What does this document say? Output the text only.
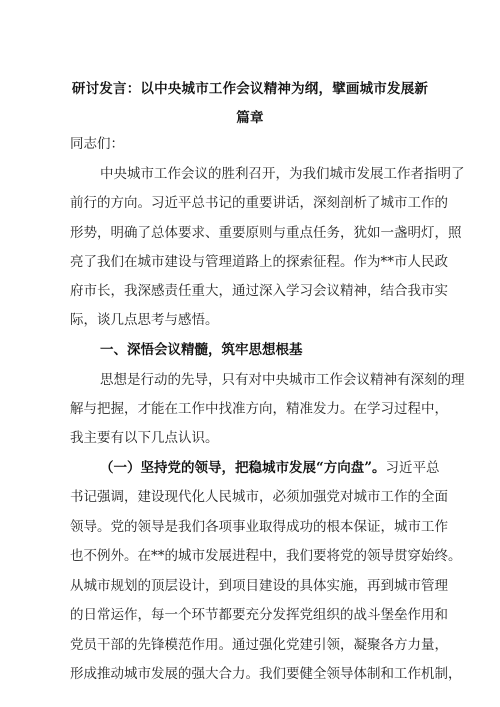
研讨发言：以中央城市工作会议精神为纲，擘画城市发展新
篇章
同志们：
中央城市工作会议的胜利召开，为我们城市发展工作者指明了
前行的方向。习近平总书记的重要讲话，深刻剖析了城市工作的
形势，明确了总体要求、重要原则与重点任务，犹如一盏明灯，照
亮了我们在城市建设与管理道路上的探索征程。作为**市人民政
府市长，我深感责任重大，通过深入学习会议精神，结合我市实
际，谈几点思考与感悟。
一、深悟会议精髓，筑牢思想根基
思想是行动的先导，只有对中央城市工作会议精神有深刻的理
解与把握，才能在工作中找准方向，精准发力。在学习过程中，
我主要有以下几点认识。
（一）坚持党的领导，把稳城市发展“方向盘”。习近平总
书记强调，建设现代化人民城市，必须加强党对城市工作的全面
领导。党的领导是我们各项事业取得成功的根本保证，城市工作
也不例外。在**的城市发展进程中，我们要将党的领导贯穿始终。
从城市规划的顶层设计，到项目建设的具体实施，再到城市管理
的日常运作，每一个环节都要充分发挥党组织的战斗堡垒作用和
党员干部的先锋模范作用。通过强化党建引领，凝聚各方力量，
形成推动城市发展的强大合力。我们要健全领导体制和工作机制，
